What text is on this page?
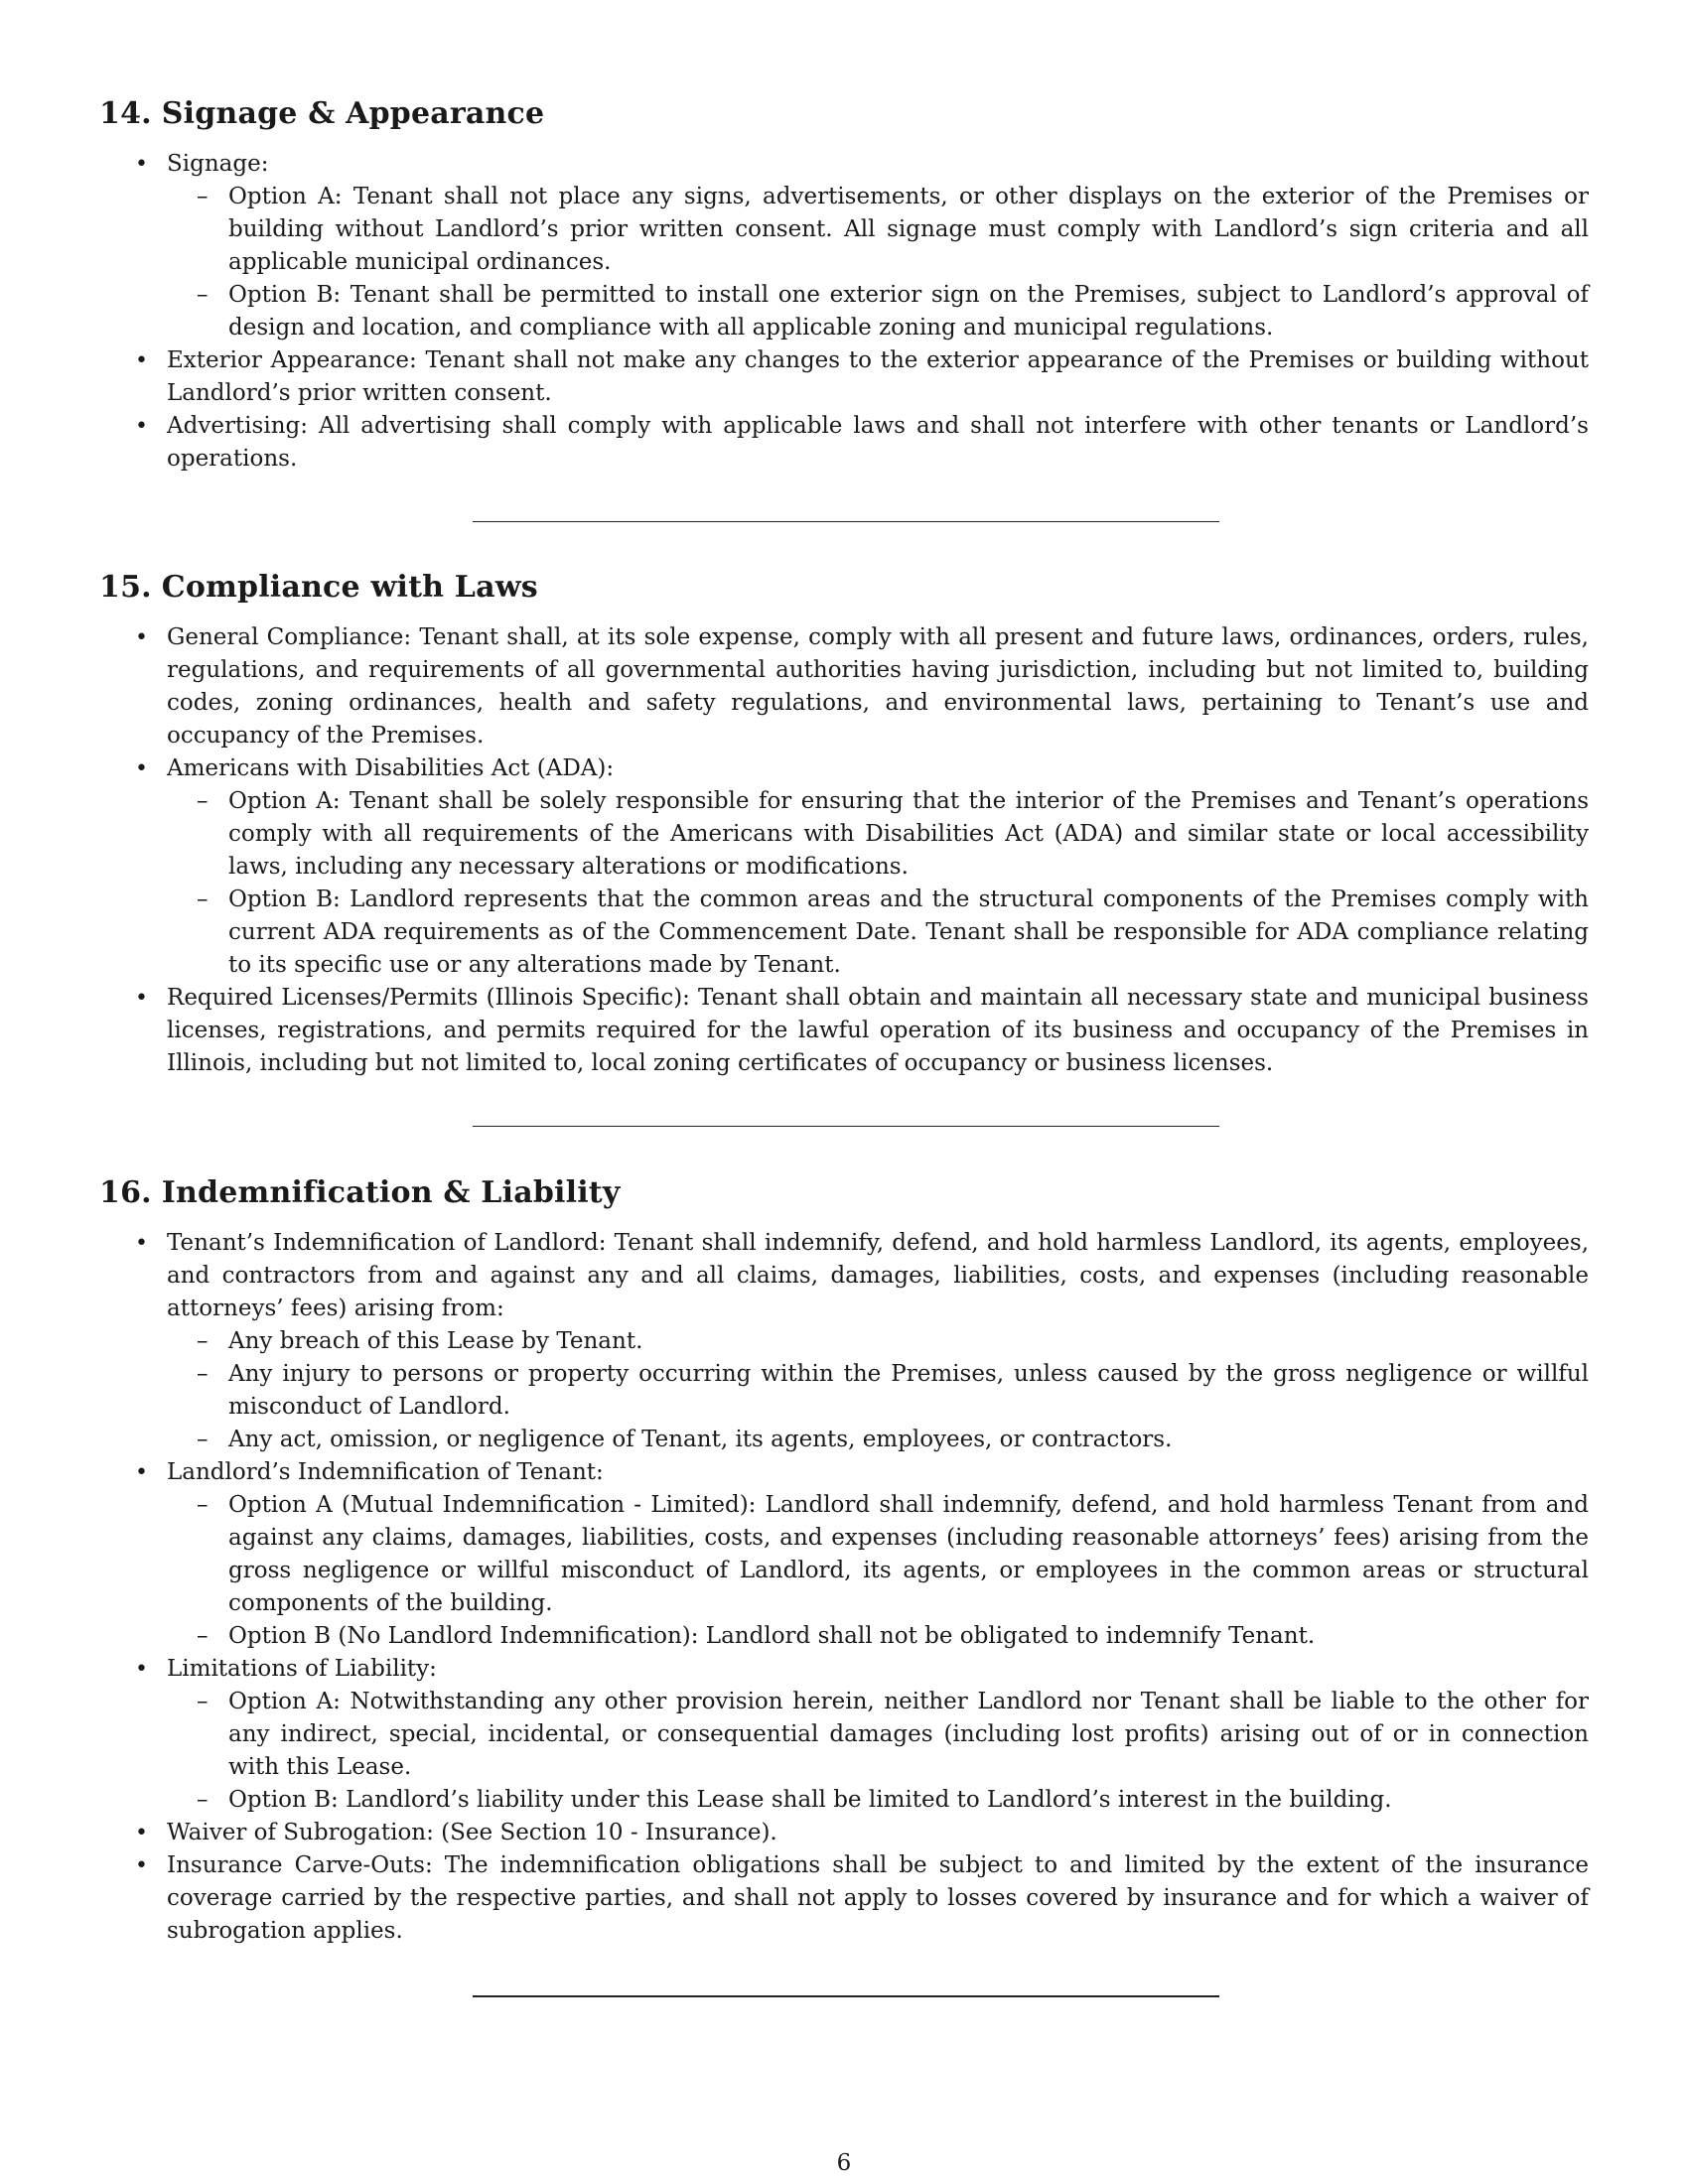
14. Signage & Appearance
• Signage:
– Option A: Tenant shall not place any signs, advertisements, or other displays on the exterior of the Premises or building without Landlord’s prior written consent. All signage must comply with Landlord’s sign criteria and all applicable municipal ordinances.
– Option B: Tenant shall be permitted to install one exterior sign on the Premises, subject to Landlord’s approval of design and location, and compliance with all applicable zoning and municipal regulations.
• Exterior Appearance: Tenant shall not make any changes to the exterior appearance of the Premises or building without Landlord’s prior written consent.
• Advertising: All advertising shall comply with applicable laws and shall not interfere with other tenants or Landlord’s operations.
15. Compliance with Laws
• General Compliance: Tenant shall, at its sole expense, comply with all present and future laws, ordinances, orders, rules, regulations, and requirements of all governmental authorities having jurisdiction, including but not limited to, building codes, zoning ordinances, health and safety regulations, and environmental laws, pertaining to Tenant’s use and occupancy of the Premises.
• Americans with Disabilities Act (ADA):
– Option A: Tenant shall be solely responsible for ensuring that the interior of the Premises and Tenant’s operations comply with all requirements of the Americans with Disabilities Act (ADA) and similar state or local accessibility laws, including any necessary alterations or modifications.
– Option B: Landlord represents that the common areas and the structural components of the Premises comply with current ADA requirements as of the Commencement Date. Tenant shall be responsible for ADA compliance relating to its specific use or any alterations made by Tenant.
• Required Licenses/Permits (Illinois Specific): Tenant shall obtain and maintain all necessary state and municipal business licenses, registrations, and permits required for the lawful operation of its business and occupancy of the Premises in Illinois, including but not limited to, local zoning certificates of occupancy or business licenses.
16. Indemnification & Liability
• Tenant’s Indemnification of Landlord: Tenant shall indemnify, defend, and hold harmless Landlord, its agents, employees, and contractors from and against any and all claims, damages, liabilities, costs, and expenses (including reasonable attorneys’ fees) arising from:
– Any breach of this Lease by Tenant.
– Any injury to persons or property occurring within the Premises, unless caused by the gross negligence or willful misconduct of Landlord.
– Any act, omission, or negligence of Tenant, its agents, employees, or contractors.
• Landlord’s Indemnification of Tenant:
– Option A (Mutual Indemnification - Limited): Landlord shall indemnify, defend, and hold harmless Tenant from and against any claims, damages, liabilities, costs, and expenses (including reasonable attorneys’ fees) arising from the gross negligence or willful misconduct of Landlord, its agents, or employees in the common areas or structural components of the building.
– Option B (No Landlord Indemnification): Landlord shall not be obligated to indemnify Tenant.
• Limitations of Liability:
– Option A: Notwithstanding any other provision herein, neither Landlord nor Tenant shall be liable to the other for any indirect, special, incidental, or consequential damages (including lost profits) arising out of or in connection with this Lease.
– Option B: Landlord’s liability under this Lease shall be limited to Landlord’s interest in the building.
• Waiver of Subrogation: (See Section 10 - Insurance).
• Insurance Carve-Outs: The indemnification obligations shall be subject to and limited by the extent of the insurance coverage carried by the respective parties, and shall not apply to losses covered by insurance and for which a waiver of subrogation applies.
6
